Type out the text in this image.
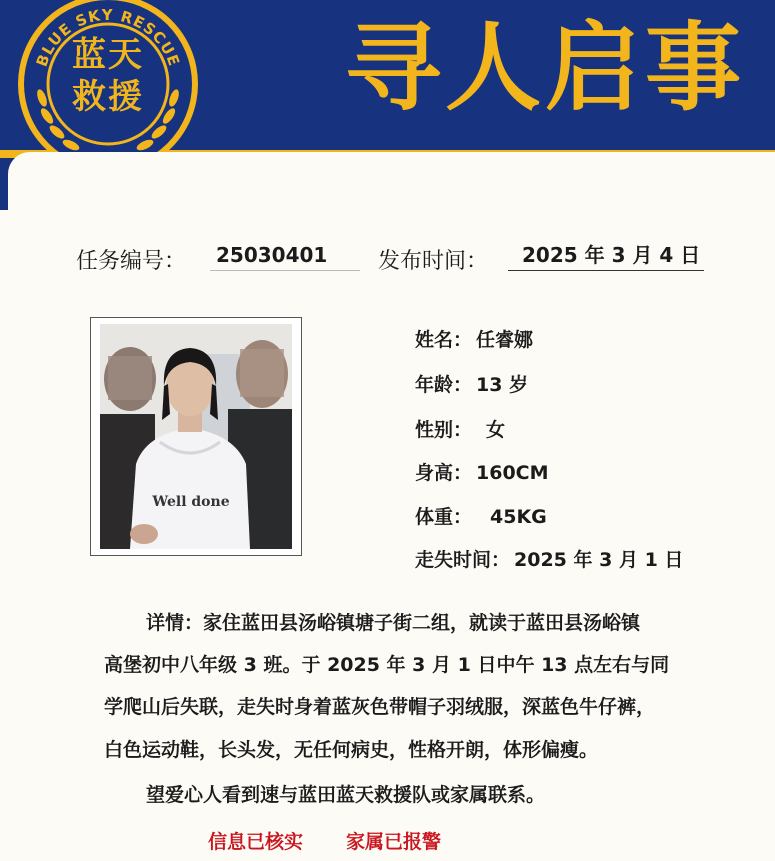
BLUE SKY RESCUE
蓝天
救援 寻人启事
任务编号： 25030401 发布时间： 2025 年 3 月 4 日
Well done
姓名： 任睿娜
年龄： 13 岁
性别： 女
身高： 160CM
体重： 45KG
走失时间： 2025 年 3 月 1 日
详情：家住蓝田县汤峪镇塘子街二组，就读于蓝田县汤峪镇
高堡初中八年级 3 班。于 2025 年 3 月 1 日中午 13 点左右与同
学爬山后失联，走失时身着蓝灰色带帽子羽绒服，深蓝色牛仔裤，
白色运动鞋，长头发，无任何病史，性格开朗，体形偏瘦。
望爱心人看到速与蓝田蓝天救援队或家属联系。
信息已核实 家属已报警
